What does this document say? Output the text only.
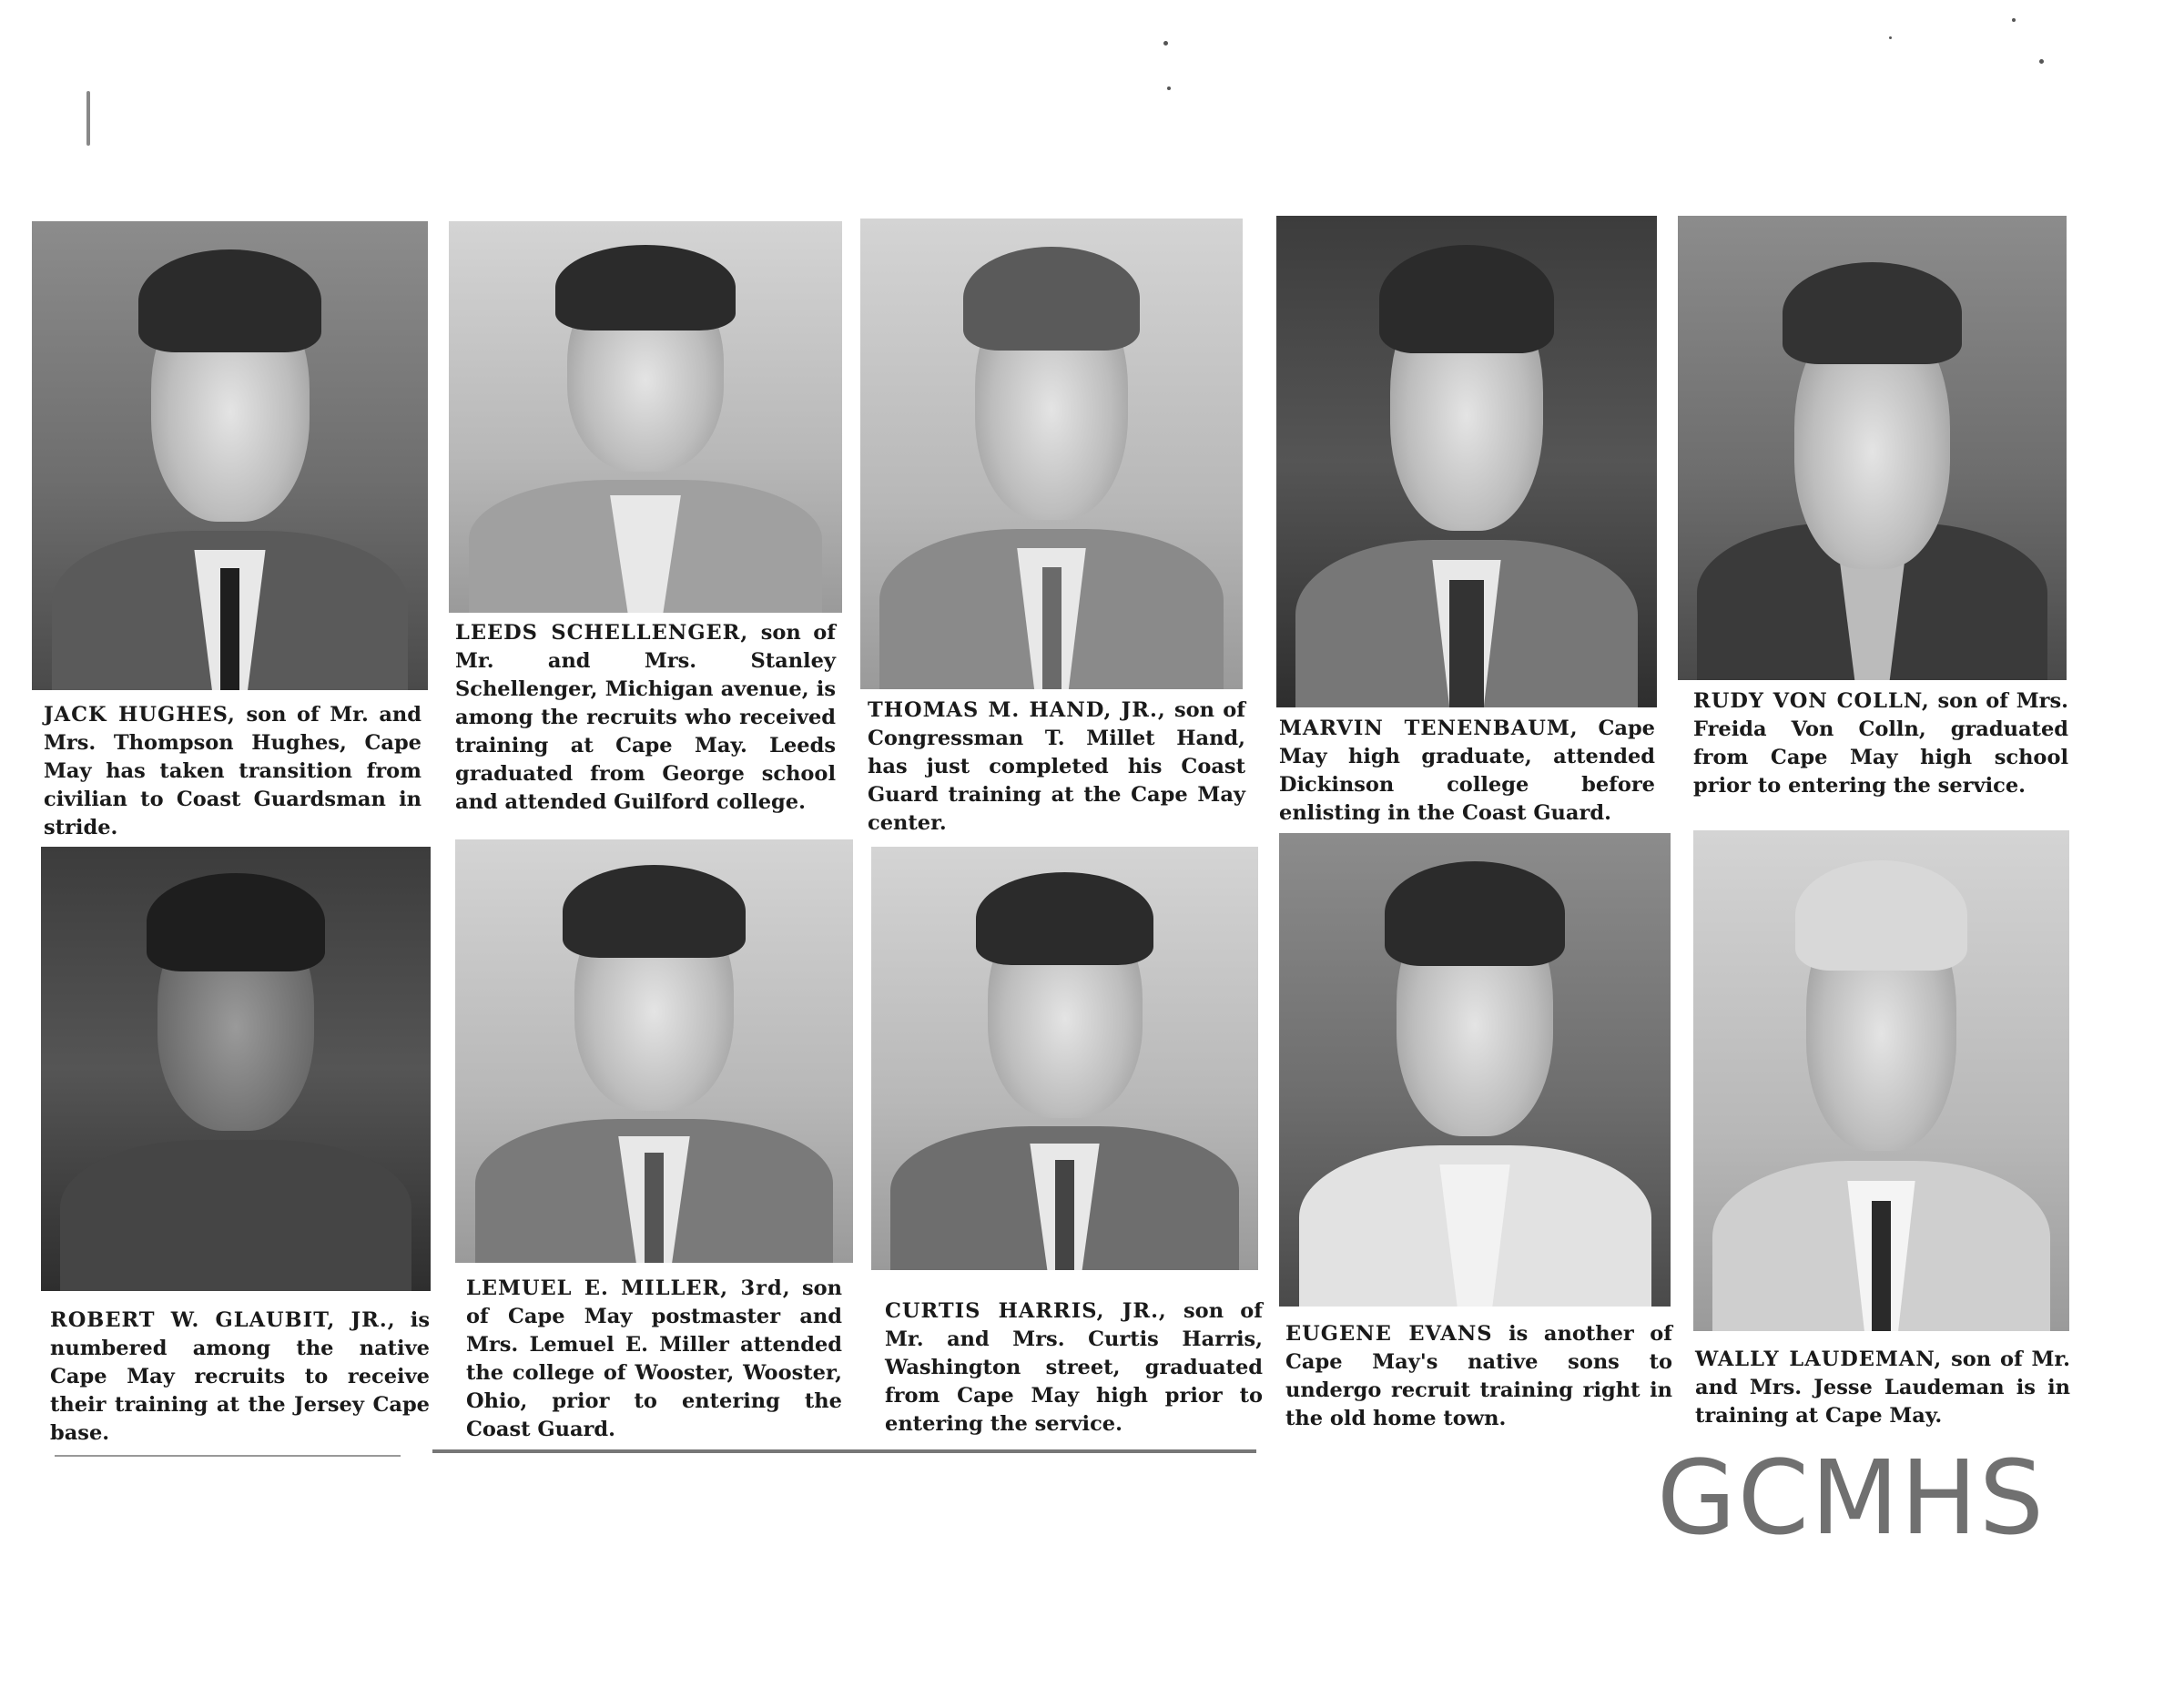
JACK HUGHES, son of Mr. and Mrs. Thompson Hughes, Cape May has taken transition from civilian to Coast Guardsman in stride.

LEEDS SCHELLENGER, son of Mr. and Mrs. Stanley Schellenger, Michigan avenue, is among the recruits who received training at Cape May. Leeds graduated from George school and attended Guilford college.

THOMAS M. HAND, JR., son of Congressman T. Millet Hand, has just completed his Coast Guard training at the Cape May center.

MARVIN TENENBAUM, Cape May high graduate, attended Dickinson college before enlisting in the Coast Guard.

RUDY VON COLLN, son of Mrs. Freida Von Colln, graduated from Cape May high school prior to entering the service.

ROBERT W. GLAUBIT, JR., is numbered among the native Cape May recruits to receive their training at the Jersey Cape base.

LEMUEL E. MILLER, 3rd, son of Cape May postmaster and Mrs. Lemuel E. Miller attended the college of Wooster, Wooster, Ohio, prior to entering the Coast Guard.

CURTIS HARRIS, JR., son of Mr. and Mrs. Curtis Harris, Washington street, graduated from Cape May high prior to entering the service.

EUGENE EVANS is another of Cape May's native sons to undergo recruit training right in the old home town.

WALLY LAUDEMAN, son of Mr. and Mrs. Jesse Laudeman is in training at Cape May.

GCMHS
